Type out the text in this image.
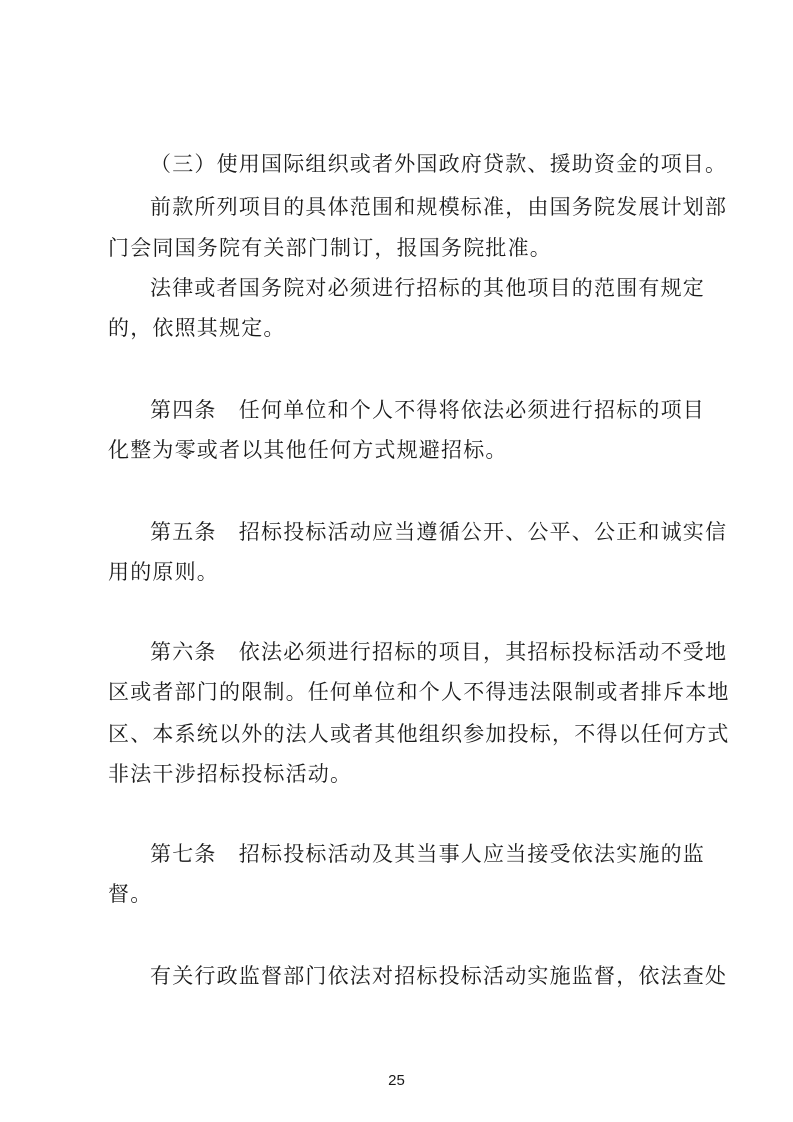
（三）使用国际组织或者外国政府贷款、援助资金的项目。
前款所列项目的具体范围和规模标准，由国务院发展计划部
门会同国务院有关部门制订，报国务院批准。
法律或者国务院对必须进行招标的其他项目的范围有规定
的，依照其规定。
第四条　任何单位和个人不得将依法必须进行招标的项目
化整为零或者以其他任何方式规避招标。
第五条　招标投标活动应当遵循公开、公平、公正和诚实信
用的原则。
第六条　依法必须进行招标的项目，其招标投标活动不受地
区或者部门的限制。任何单位和个人不得违法限制或者排斥本地
区、本系统以外的法人或者其他组织参加投标，不得以任何方式
非法干涉招标投标活动。
第七条　招标投标活动及其当事人应当接受依法实施的监
督。
有关行政监督部门依法对招标投标活动实施监督，依法查处
25
